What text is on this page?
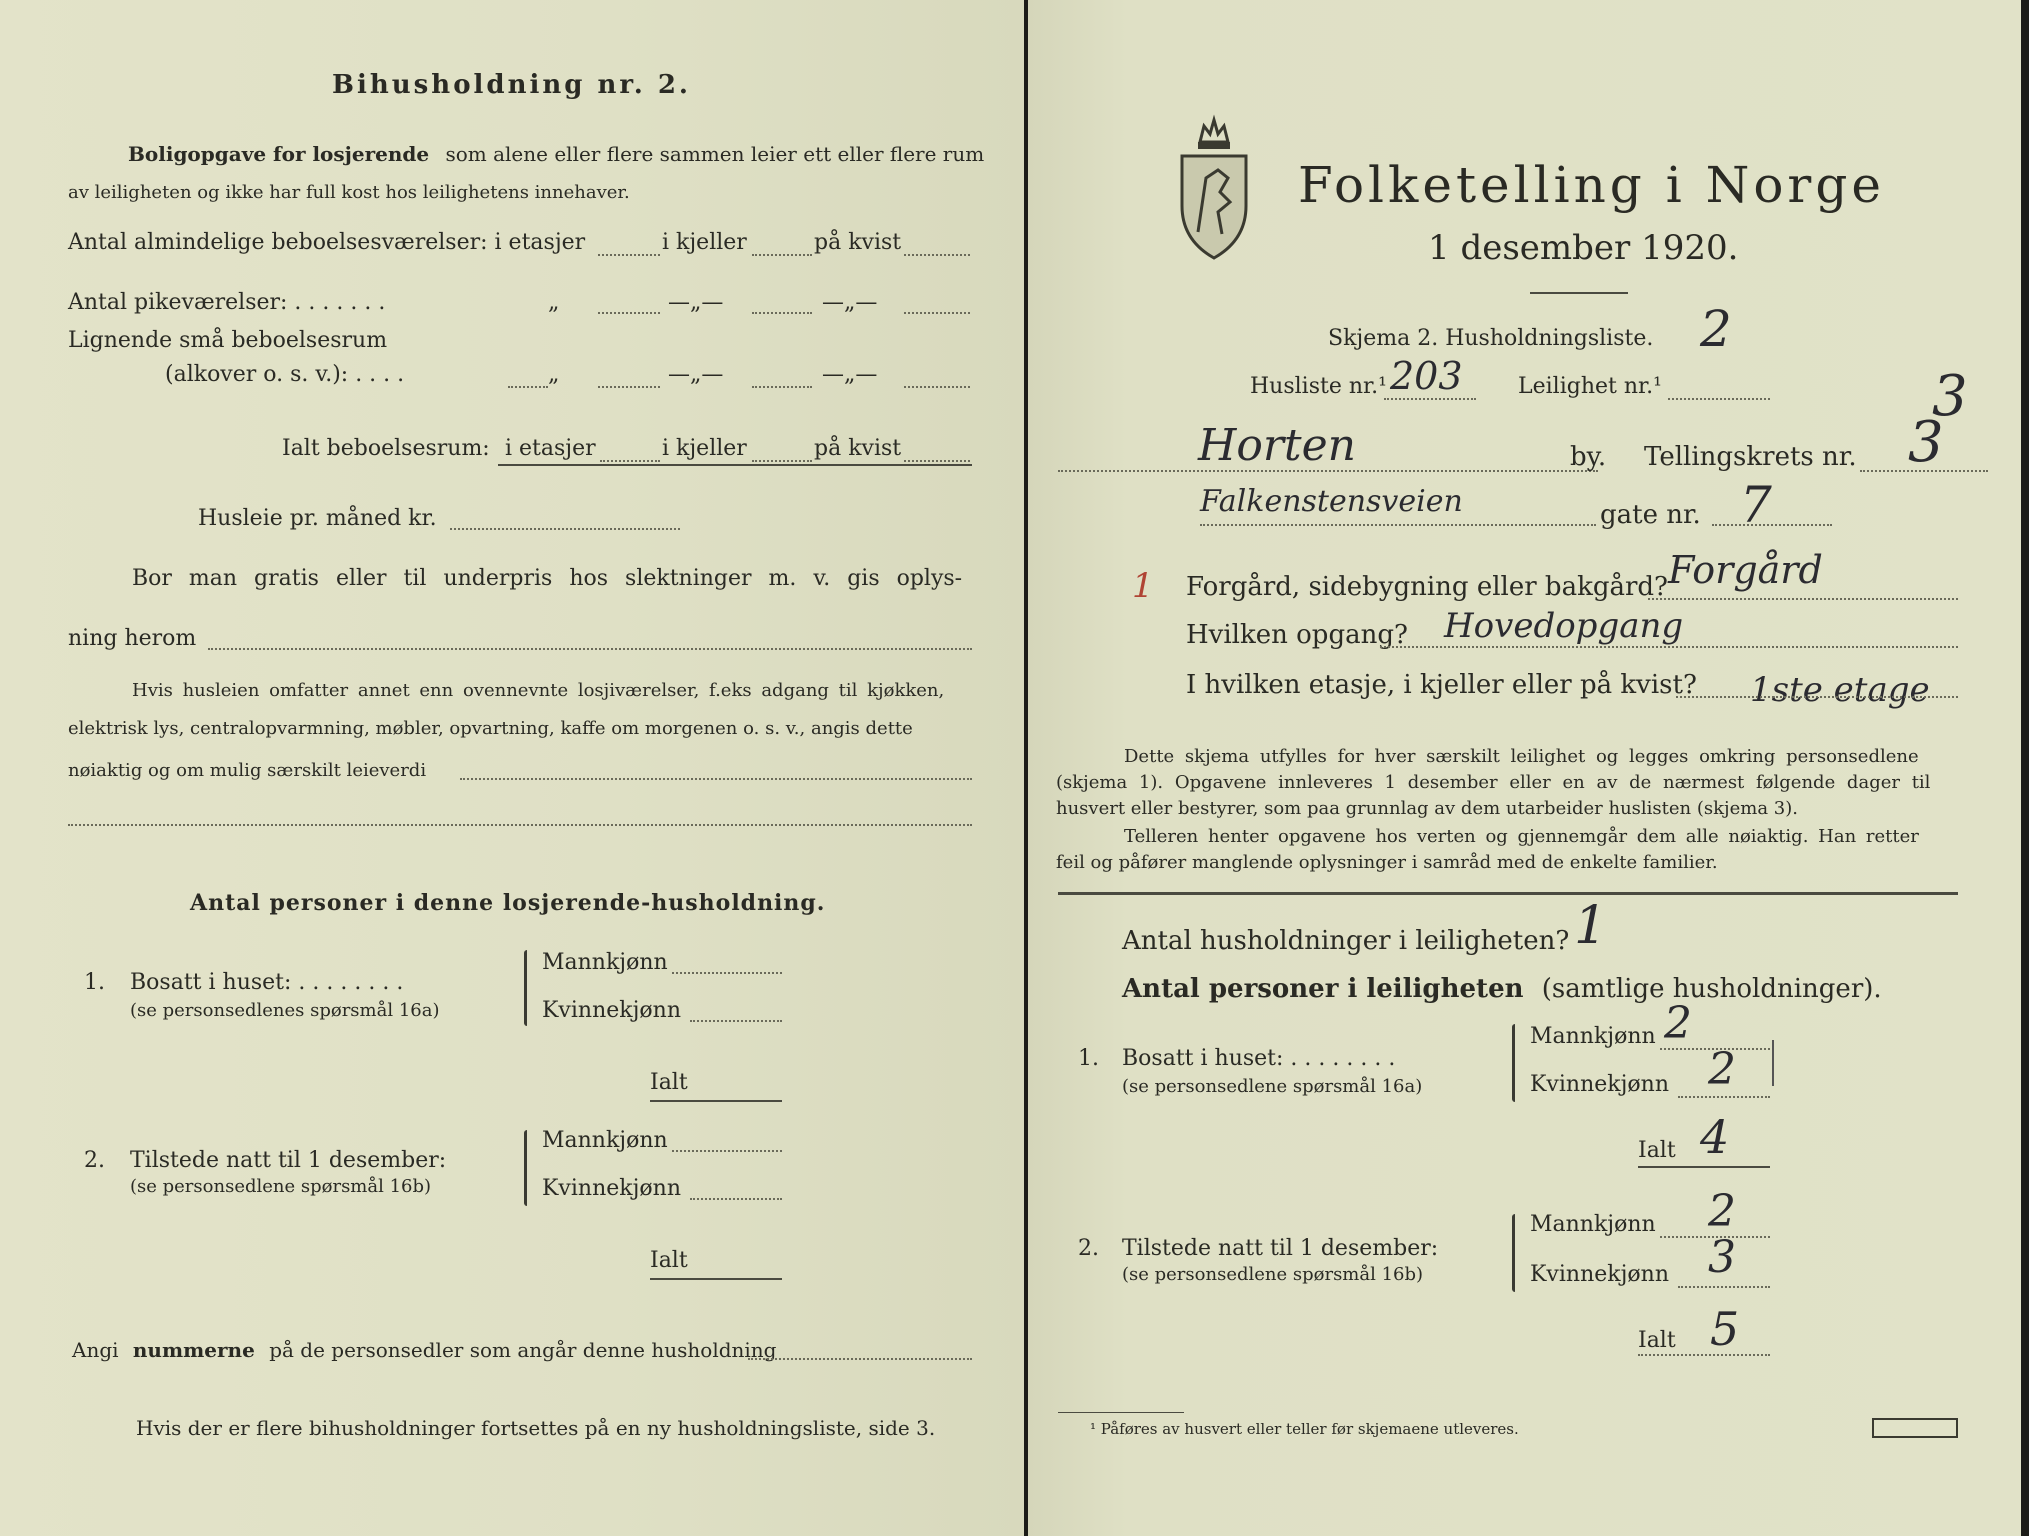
Bihusholdning nr. 2.
Boligopgave for losjerende som alene eller flere sammen leier ett eller flere rum
av leiligheten og ikke har full kost hos leilighetens innehaver.
Antal almindelige beboelsesværelser: i etasjer	i kjeller	på kvist
Antal pikeværelser: . . . . . . .	„	—„—	—„—
Lignende små beboelsesrum
(alkover o. s. v.): . . . .	„	—„—	—„—
Ialt beboelsesrum: i etasjer	i kjeller	på kvist
Husleie pr. måned kr.
Bor man gratis eller til underpris hos slektninger m. v. gis oplys-
ning herom
Hvis husleien omfatter annet enn ovennevnte losjiværelser, f.eks adgang til kjøkken,
elektrisk lys, centralopvarmning, møbler, opvartning, kaffe om morgenen o. s. v., angis dette
nøiaktig og om mulig særskilt leieverdi
Antal personer i denne losjerende-husholdning.
1. Bosatt i huset: . . . . . . . .
(se personsedlenes spørsmål 16a)
Mannkjønn
Kvinnekjønn
Ialt
2. Tilstede natt til 1 desember:
(se personsedlene spørsmål 16b)
Mannkjønn
Kvinnekjønn
Ialt
Angi nummerne på de personsedler som angår denne husholdning
Hvis der er flere bihusholdninger fortsettes på en ny husholdningsliste, side 3.
Folketelling i Norge
1 desember 1920.
Skjema 2. Husholdningsliste. 2
Husliste nr.¹ 203	Leilighet nr.¹	3
Horten	by. Tellingskrets nr. 3
Falkenstensveien	gate nr. 7
1 Forgård, sidebygning eller bakgård? Forgård
Hvilken opgang? Hovedopgang
I hvilken etasje, i kjeller eller på kvist? 1ste etage
Dette skjema utfylles for hver særskilt leilighet og legges omkring personsedlene
(skjema 1). Opgavene innleveres 1 desember eller en av de nærmest følgende dager til
husvert eller bestyrer, som paa grunnlag av dem utarbeider huslisten (skjema 3).
Telleren henter opgavene hos verten og gjennemgår dem alle nøiaktig. Han retter
feil og påfører manglende oplysninger i samråd med de enkelte familier.
Antal husholdninger i leiligheten? 1
Antal personer i leiligheten (samtlige husholdninger).
1. Bosatt i huset: . . . . . . . .
(se personsedlene spørsmål 16a)
Mannkjønn 2
Kvinnekjønn 2
Ialt 4
2. Tilstede natt til 1 desember:
(se personsedlene spørsmål 16b)
Mannkjønn 2
Kvinnekjønn 3
Ialt 5
¹ Påføres av husvert eller teller før skjemaene utleveres.
